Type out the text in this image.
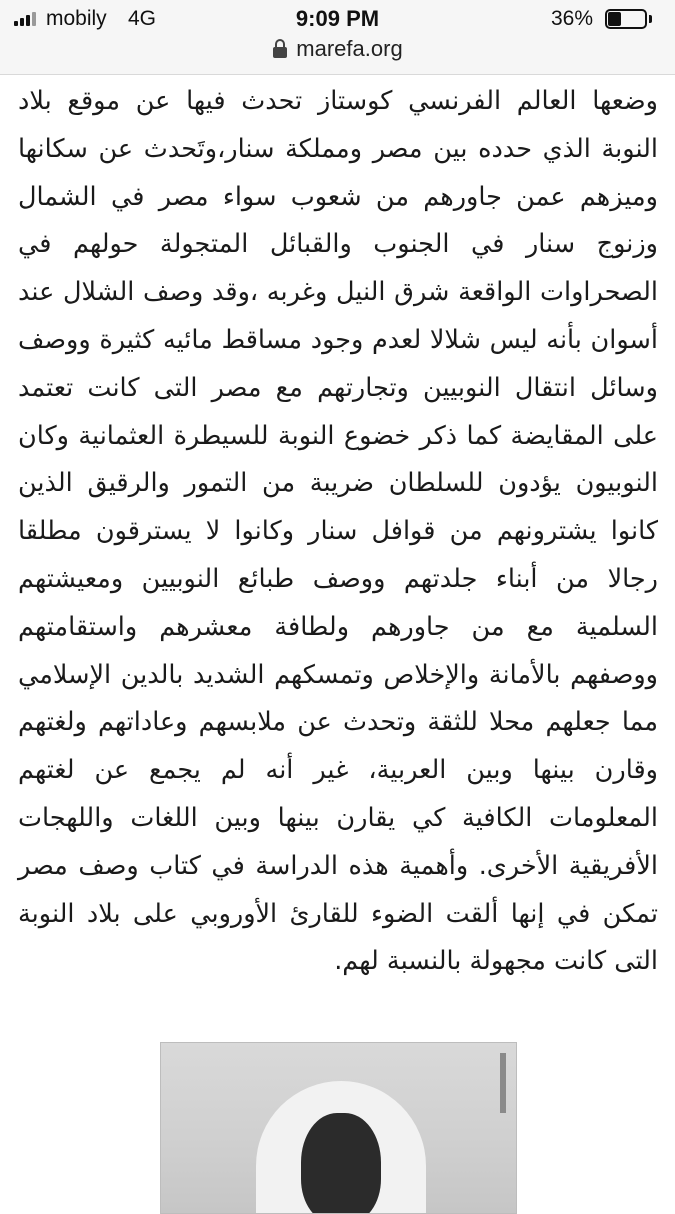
mobily 4G	9:09 PM	36%
marefa.org

وضعها العالم الفرنسي كوستاز تحدث فيها عن موقع بلاد النوبة الذي حدده بين مصر ومملكة سنار،وتَحدث عن سكانها وميزهم عمن جاورهم من شعوب سواء مصر في الشمال وزنوج سنار في الجنوب والقبائل المتجولة حولهم في الصحراوات الواقعة شرق النيل وغربه ،وقد وصف الشلال عند أسوان بأنه ليس شلالا لعدم وجود مساقط مائيه كثيرة ووصف وسائل انتقال النوبيين وتجارتهم مع مصر التى كانت تعتمد على المقايضة كما ذكر خضوع النوبة للسيطرة العثمانية وكان النوبيون يؤدون للسلطان ضريبة من التمور والرقيق الذين كانوا يشترونهم من قوافل سنار وكانوا لا يسترقون مطلقا رجالا من أبناء جلدتهم ووصف طبائع النوبيين ومعيشتهم السلمية مع من جاورهم ولطافة معشرهم واستقامتهم ووصفهم بالأمانة والإخلاص وتمسكهم الشديد بالدين الإسلامي مما جعلهم محلا للثقة وتحدث عن ملابسهم وعاداتهم ولغتهم وقارن بينها وبين العربية، غير أنه لم يجمع عن لغتهم المعلومات الكافية كي يقارن بينها وبين اللغات واللهجات الأفريقية الأخرى. وأهمية هذه الدراسة في كتاب وصف مصر تمكن في إنها ألقت الضوء للقارئ الأوروبي على بلاد النوبة التى كانت مجهولة بالنسبة لهم.
